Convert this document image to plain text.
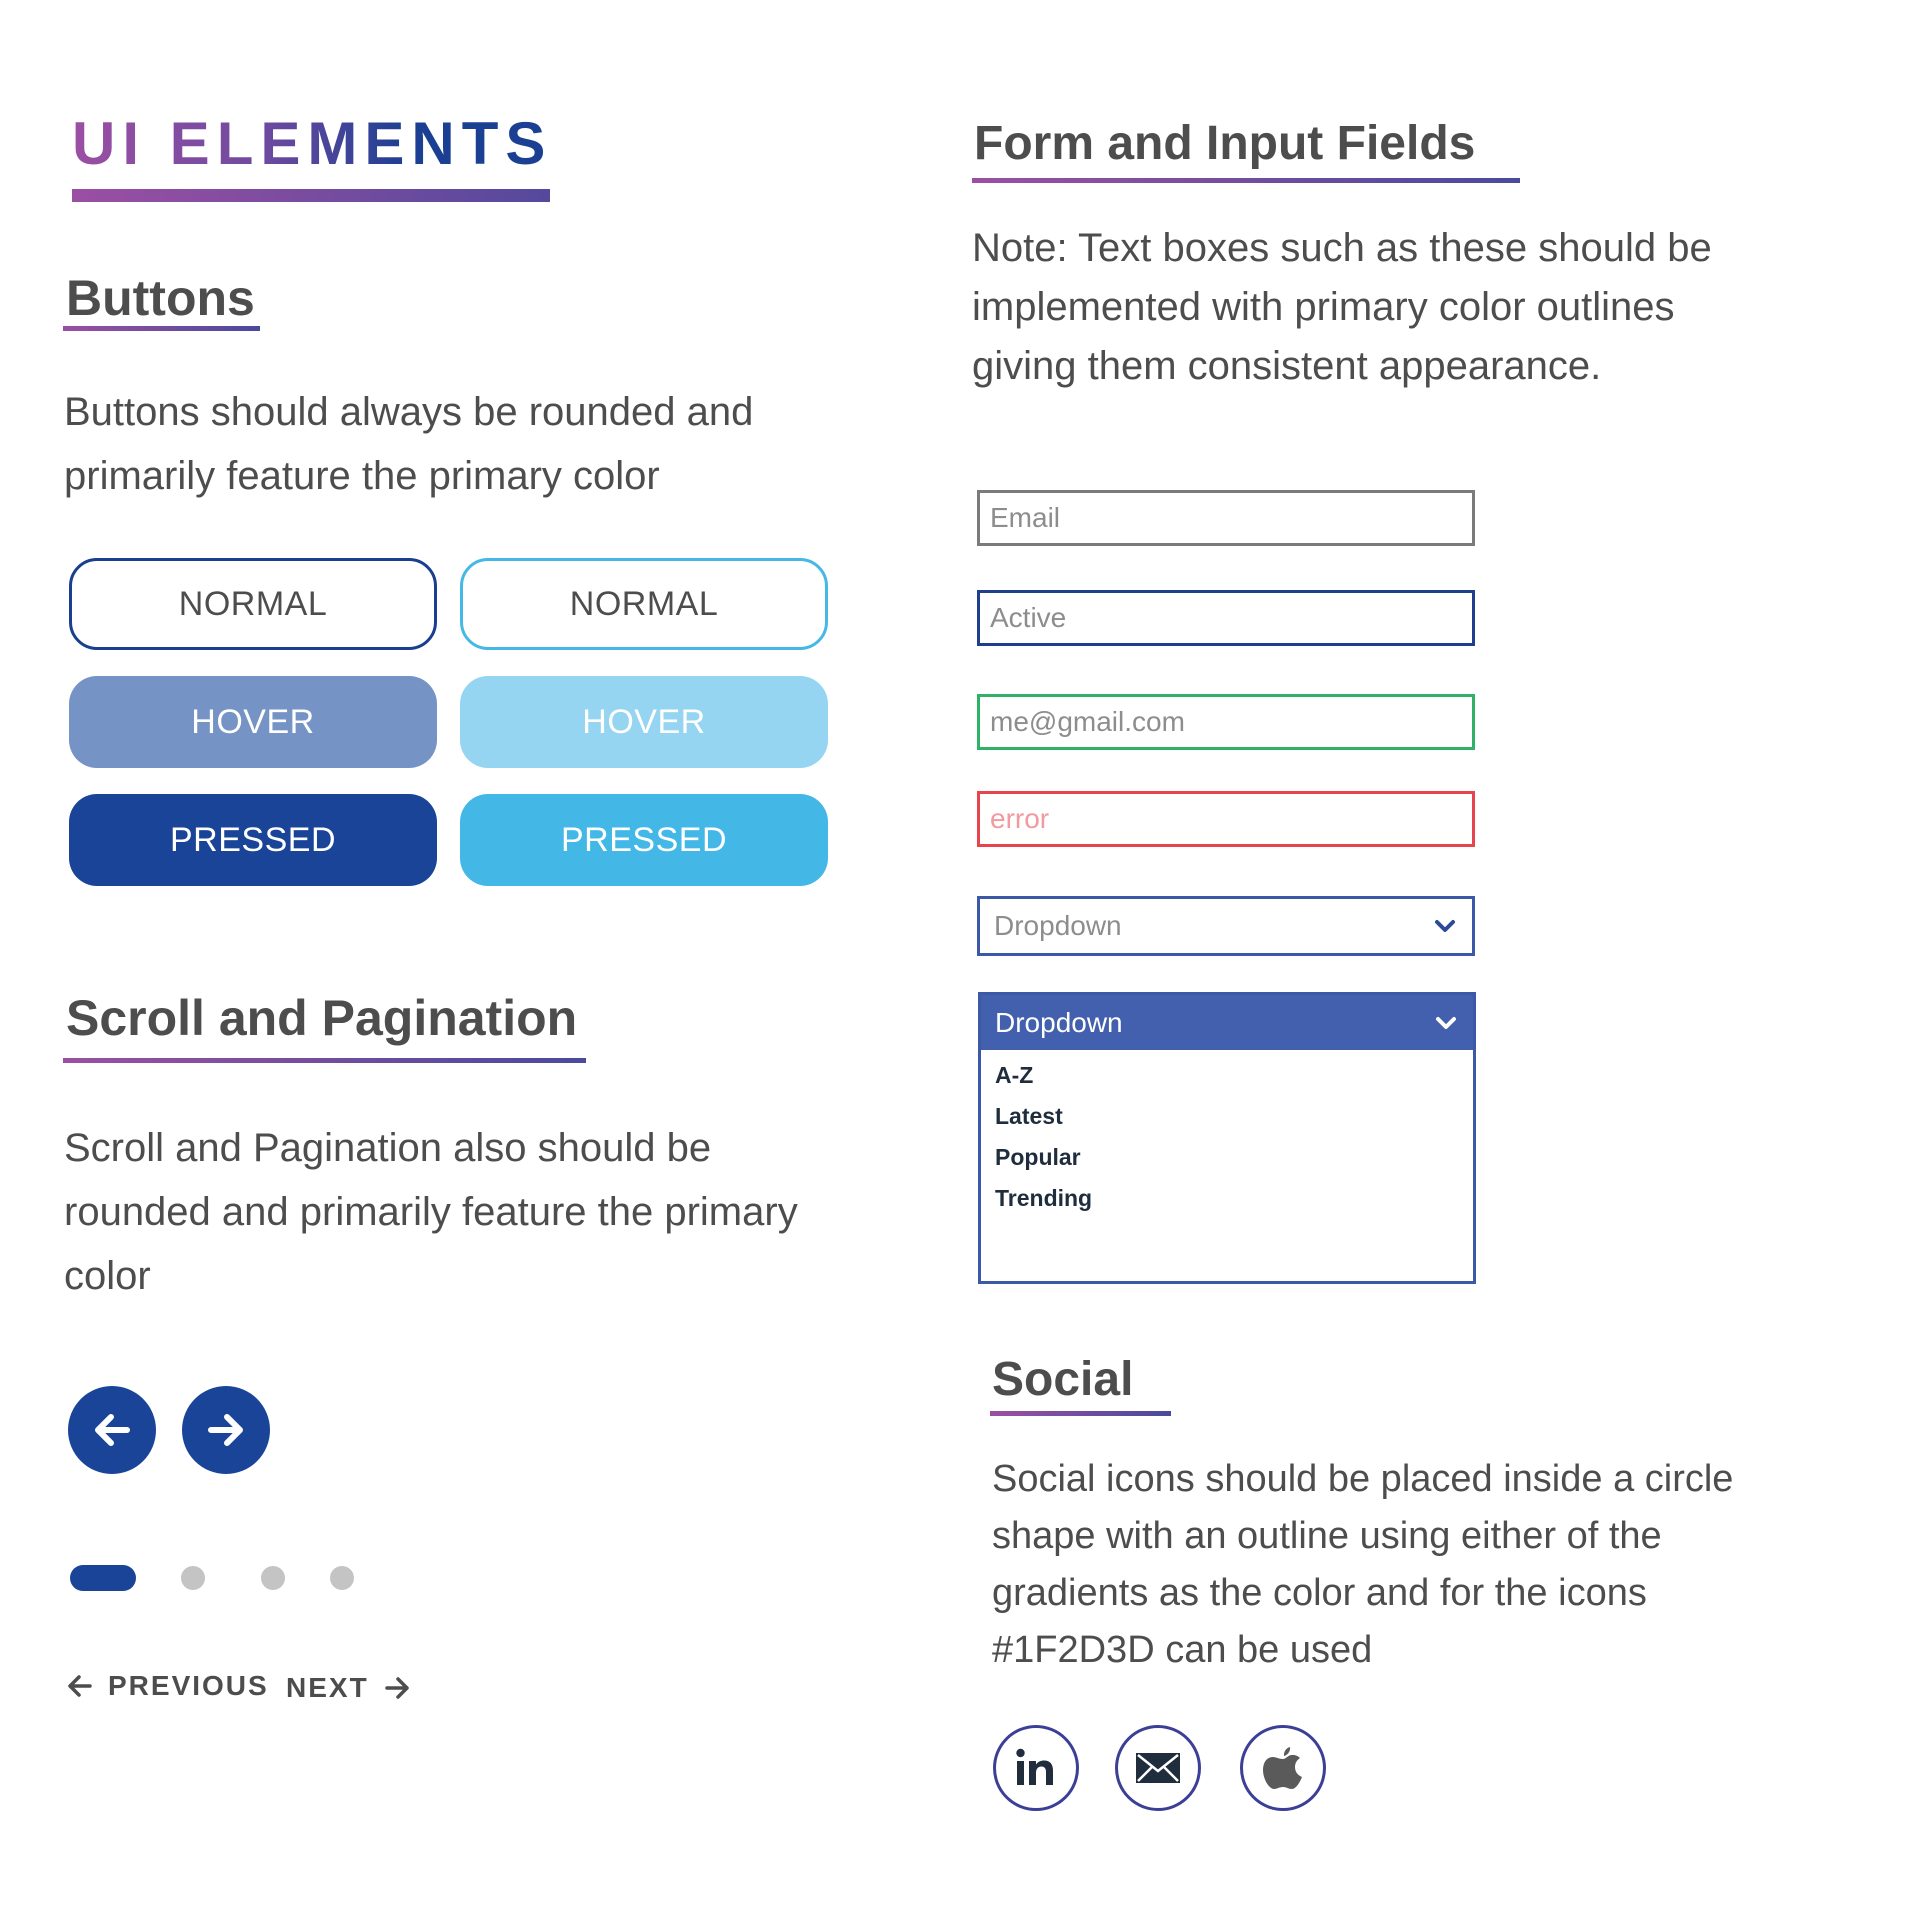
UI ELEMENTS
Buttons

Buttons should always be rounded and primarily feature the primary color

NORMAL	NORMAL
HOVER	HOVER
PRESSED	PRESSED
Scroll and Pagination

Scroll and Pagination also should be rounded and primarily feature the primary color

PREVIOUS NEXT
Form and Input Fields

Note: Text boxes such as these should be implemented with primary color outlines giving them consistent appearance.

Email
Active
me@gmail.com
error
Dropdown
Dropdown
A-Z
Latest
Popular
Trending
Social

Social icons should be placed inside a circle shape with an outline using either of the gradients as the color and for the icons #1F2D3D can be used
